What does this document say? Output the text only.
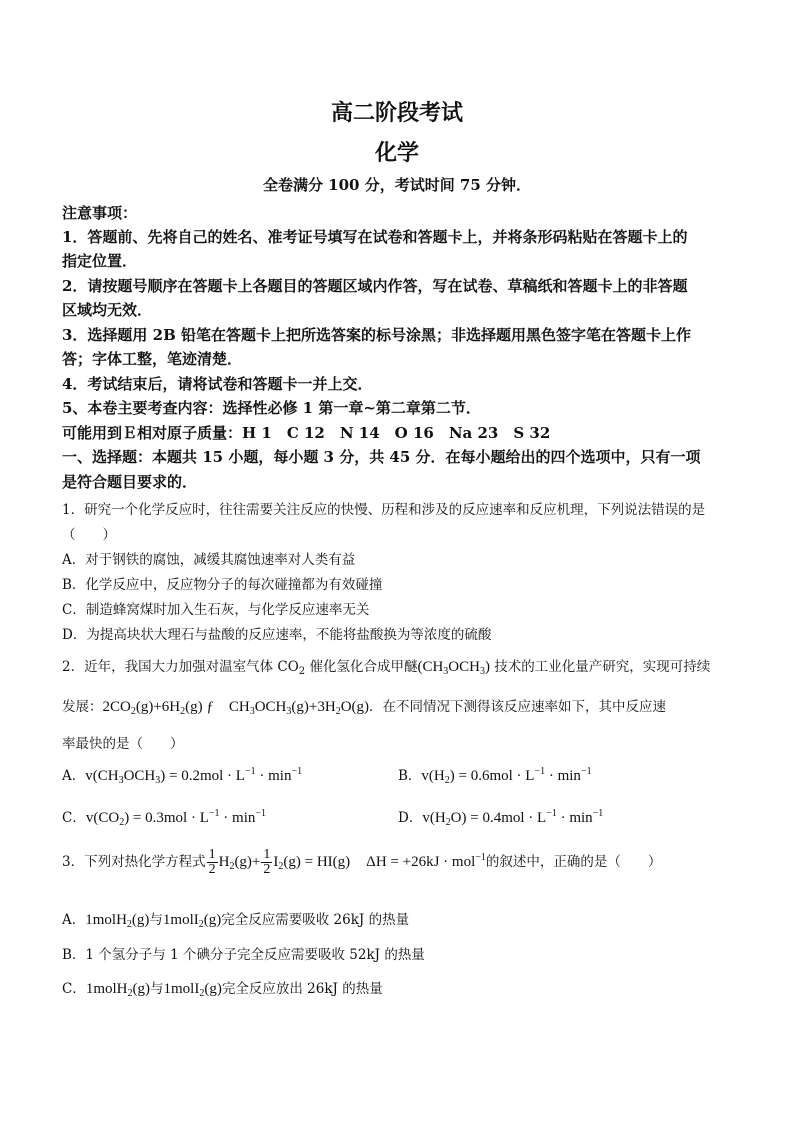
高二阶段考试
化学
全卷满分 100 分，考试时间 75 分钟．
注意事项：
1．答题前、先将自己的姓名、准考证号填写在试卷和答题卡上，并将条形码粘贴在答题卡上的
指定位置．
2．请按题号顺序在答题卡上各题目的答题区域内作答，写在试卷、草稿纸和答题卡上的非答题
区域均无效．
3．选择题用 2B 铅笔在答题卡上把所选答案的标号涂黑；非选择题用黑色签字笔在答题卡上作
答；字体工整，笔迹清楚．
4．考试结束后，请将试卷和答题卡一并上交．
5、本卷主要考查内容：选择性必修 1 第一章~第二章第二节．
可能用到Ｅ相对原子质量：H 1　C 12　N 14　O 16　Na 23　S 32
一、选择题：本题共 15 小题，每小题 3 分，共 45 分．在每小题给出的四个选项中，只有一项
是符合题目要求的．
1．研究一个化学反应时，往往需要关注反应的快慢、历程和涉及的反应速率和反应机理，下列说法错误的是
（　　）
A．对于钢铁的腐蚀，减缓其腐蚀速率对人类有益
B．化学反应中，反应物分子的每次碰撞都为有效碰撞
C．制造蜂窝煤时加入生石灰，与化学反应速率无关
D．为提高块状大理石与盐酸的反应速率，不能将盐酸换为等浓度的硫酸
2．近年，我国大力加强对温室气体 $CO_2$ 催化氢化合成甲醚$(CH_3OCH_3)$ 技术的工业化量产研究，实现可持续
发展：$2CO_2(g)+6H_2(g)$ ƒ　$CH_3OCH_3(g)+3H_2O(g)$．在不同情况下测得该反应速率如下，其中反应速
率最快的是（　　）
A．$v(CH_3OCH_3) = 0.2mol \cdot L^{-1} \cdot \min^{-1}$	B．$v(H_2) = 0.6mol \cdot L^{-1} \cdot \min^{-1}$
C．$v(CO_2) = 0.3mol \cdot L^{-1} \cdot \min^{-1}$	D．$v(H_2O) = 0.4mol \cdot L^{-1} \cdot \min^{-1}$
3．下列对热化学方程式 $\frac{1}{2} H_2(g)+ \frac{1}{2} I_2(g) = HI(g) \Delta H = +26kJ \cdot mol^{-1}$的叙述中，正确的是（　　）
A．1molH$_2$(g)与1molI$_2$(g)完全反应需要吸收 26kJ 的热量
B．1 个氢分子与 1 个碘分子完全反应需要吸收 52kJ 的热量
C．1molH$_2$(g)与1molI$_2$(g)完全反应放出 26kJ 的热量
